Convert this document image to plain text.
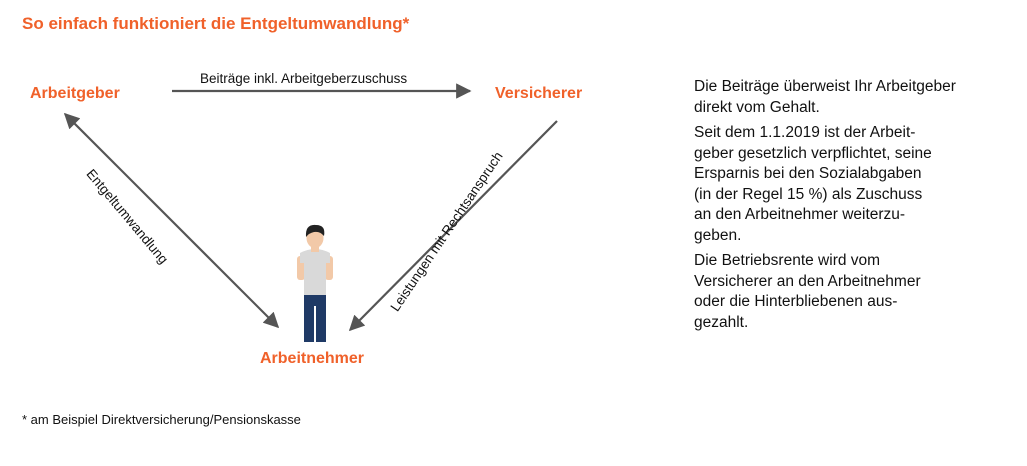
So einfach funktioniert die Entgeltumwandlung*
Arbeitgeber	Versicherer
Arbeitnehmer
Beiträge inkl. Arbeitgeberzuschuss
Entgeltumwandlung	Leistungen mit Rechtsanspruch

Die Beiträge überweist Ihr Arbeitgeber direkt vom Gehalt.

Seit dem 1.1.2019 ist der Arbeit-
geber gesetzlich verpflichtet, seine
Ersparnis bei den Sozialabgaben
(in der Regel 15 %) als Zuschuss
an den Arbeitnehmer weiterzu-
geben.

Die Betriebsrente wird vom
Versicherer an den Arbeitnehmer
oder die Hinterbliebenen aus-
gezahlt.

* am Beispiel Direktversicherung/Pensionskasse
